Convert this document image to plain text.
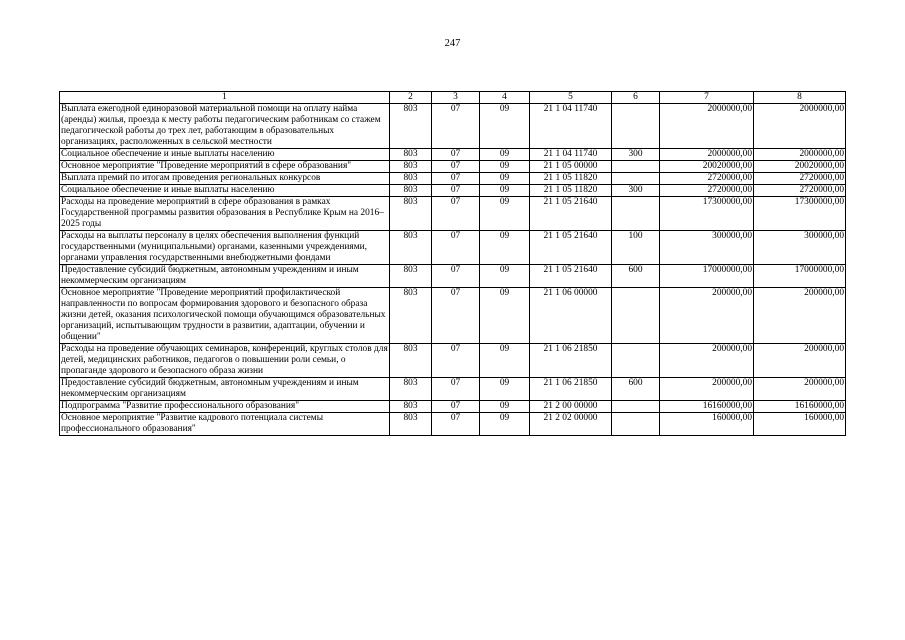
247
1	2	3	4	5	6	7	8
Выплата ежегодной единоразовой материальной помощи на оплату найма (аренды) жилья, проезда к месту работы педагогическим работникам со стажем педагогической работы до трех лет, работающим в образовательных организациях, расположенных в сельской местности	803	07	09	21 1 04 11740		2000000,00	2000000,00
Социальное обеспечение и иные выплаты населению	803	07	09	21 1 04 11740	300	2000000,00	2000000,00
Основное мероприятие "Проведение мероприятий в сфере образования"	803	07	09	21 1 05 00000		20020000,00	20020000,00
Выплата премий по итогам проведения региональных конкурсов	803	07	09	21 1 05 11820		2720000,00	2720000,00
Социальное обеспечение и иные выплаты населению	803	07	09	21 1 05 11820	300	2720000,00	2720000,00
Расходы на проведение мероприятий в сфере образования в рамках Государственной программы развития образования в Республике Крым на 2016–2025 годы	803	07	09	21 1 05 21640		17300000,00	17300000,00
Расходы на выплаты персоналу в целях обеспечения выполнения функций государственными (муниципальными) органами, казенными учреждениями, органами управления государственными внебюджетными фондами	803	07	09	21 1 05 21640	100	300000,00	300000,00
Предоставление субсидий бюджетным, автономным учреждениям и иным некоммерческим организациям	803	07	09	21 1 05 21640	600	17000000,00	17000000,00
Основное мероприятие "Проведение мероприятий профилактической направленности по вопросам формирования здорового и безопасного образа жизни детей, оказания психологической помощи обучающимся образовательных организаций, испытывающим трудности в развитии, адаптации, обучении и общении"	803	07	09	21 1 06 00000		200000,00	200000,00
Расходы на проведение обучающих семинаров, конференций, круглых столов для детей, медицинских работников, педагогов о повышении роли семьи, о пропаганде здорового и безопасного образа жизни	803	07	09	21 1 06 21850		200000,00	200000,00
Предоставление субсидий бюджетным, автономным учреждениям и иным некоммерческим организациям	803	07	09	21 1 06 21850	600	200000,00	200000,00
Подпрограмма "Развитие профессионального образования"	803	07	09	21 2 00 00000		16160000,00	16160000,00
Основное мероприятие "Развитие кадрового потенциала системы профессионального образования"	803	07	09	21 2 02 00000		160000,00	160000,00
